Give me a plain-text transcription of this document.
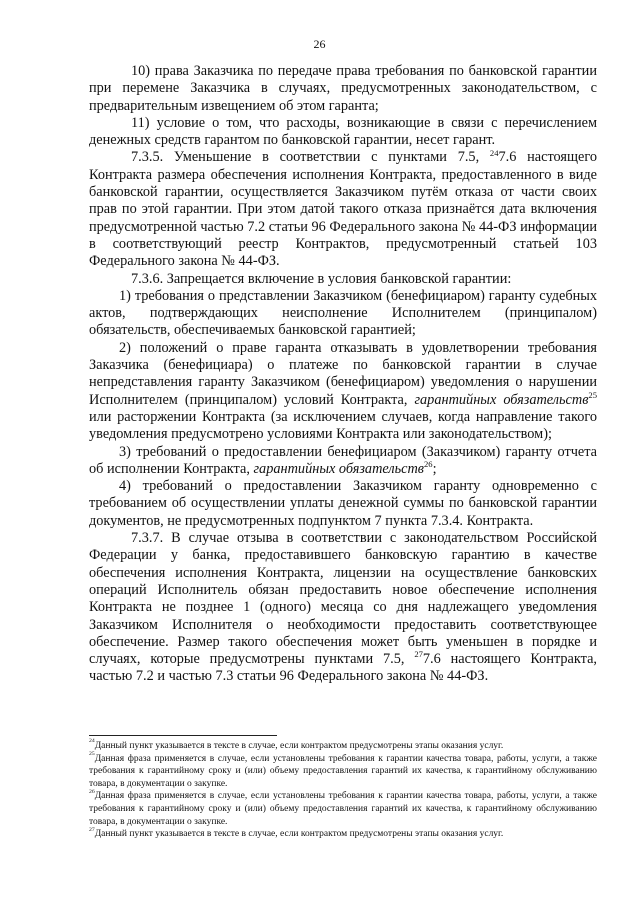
26

10) права Заказчика по передаче права требования по банковской гарантии при перемене Заказчика в случаях, предусмотренных законодательством, с предварительным извещением об этом гаранта;

11) условие о том, что расходы, возникающие в связи с перечислением денежных средств гарантом по банковской гарантии, несет гарант.

7.3.5. Уменьшение в соответствии с пунктами 7.5, $^{24}$7.6 настоящего Контракта размера обеспечения исполнения Контракта, предоставленного в виде банковской гарантии, осуществляется Заказчиком путём отказа от части своих прав по этой гарантии. При этом датой такого отказа признаётся дата включения предусмотренной частью 7.2 статьи 96 Федерального закона № 44-ФЗ информации в соответствующий реестр Контрактов, предусмотренный статьей 103 Федерального закона № 44-ФЗ.

7.3.6. Запрещается включение в условия банковской гарантии:

1) требования о представлении Заказчиком (бенефициаром) гаранту судебных актов, подтверждающих неисполнение Исполнителем (принципалом) обязательств, обеспечиваемых банковской гарантией;

2) положений о праве гаранта отказывать в удовлетворении требования Заказчика (бенефициара) о платеже по банковской гарантии в случае непредставления гаранту Заказчиком (бенефициаром) уведомления о нарушении Исполнителем (принципалом) условий Контракта, гарантийных обязательств$^{25}$ или расторжении Контракта (за исключением случаев, когда направление такого уведомления предусмотрено условиями Контракта или законодательством);

3) требований о предоставлении бенефициаром (Заказчиком) гаранту отчета об исполнении Контракта, гарантийных обязательств$^{26}$;

4) требований о предоставлении Заказчиком гаранту одновременно с требованием об осуществлении уплаты денежной суммы по банковской гарантии документов, не предусмотренных подпунктом 7 пункта 7.3.4. Контракта.

7.3.7. В случае отзыва в соответствии с законодательством Российской Федерации у банка, предоставившего банковскую гарантию в качестве обеспечения исполнения Контракта, лицензии на осуществление банковских операций Исполнитель обязан предоставить новое обеспечение исполнения Контракта не позднее 1 (одного) месяца со дня надлежащего уведомления Заказчиком Исполнителя о необходимости предоставить соответствующее обеспечение. Размер такого обеспечения может быть уменьшен в порядке и случаях, которые предусмотрены пунктами 7.5, $^{27}$7.6 настоящего Контракта, частью 7.2 и частью 7.3 статьи 96 Федерального закона № 44-ФЗ.

$^{24}$Данный пункт указывается в тексте в случае, если контрактом предусмотрены этапы оказания услуг.

$^{25}$Данная фраза применяется в случае, если установлены требования к гарантии качества товара, работы, услуги, а также требования к гарантийному сроку и (или) объему предоставления гарантий их качества, к гарантийному обслуживанию товара, в документации о закупке.

$^{26}$Данная фраза применяется в случае, если установлены требования к гарантии качества товара, работы, услуги, а также требования к гарантийному сроку и (или) объему предоставления гарантий их качества, к гарантийному обслуживанию товара, в документации о закупке.

$^{27}$Данный пункт указывается в тексте в случае, если контрактом предусмотрены этапы оказания услуг.
